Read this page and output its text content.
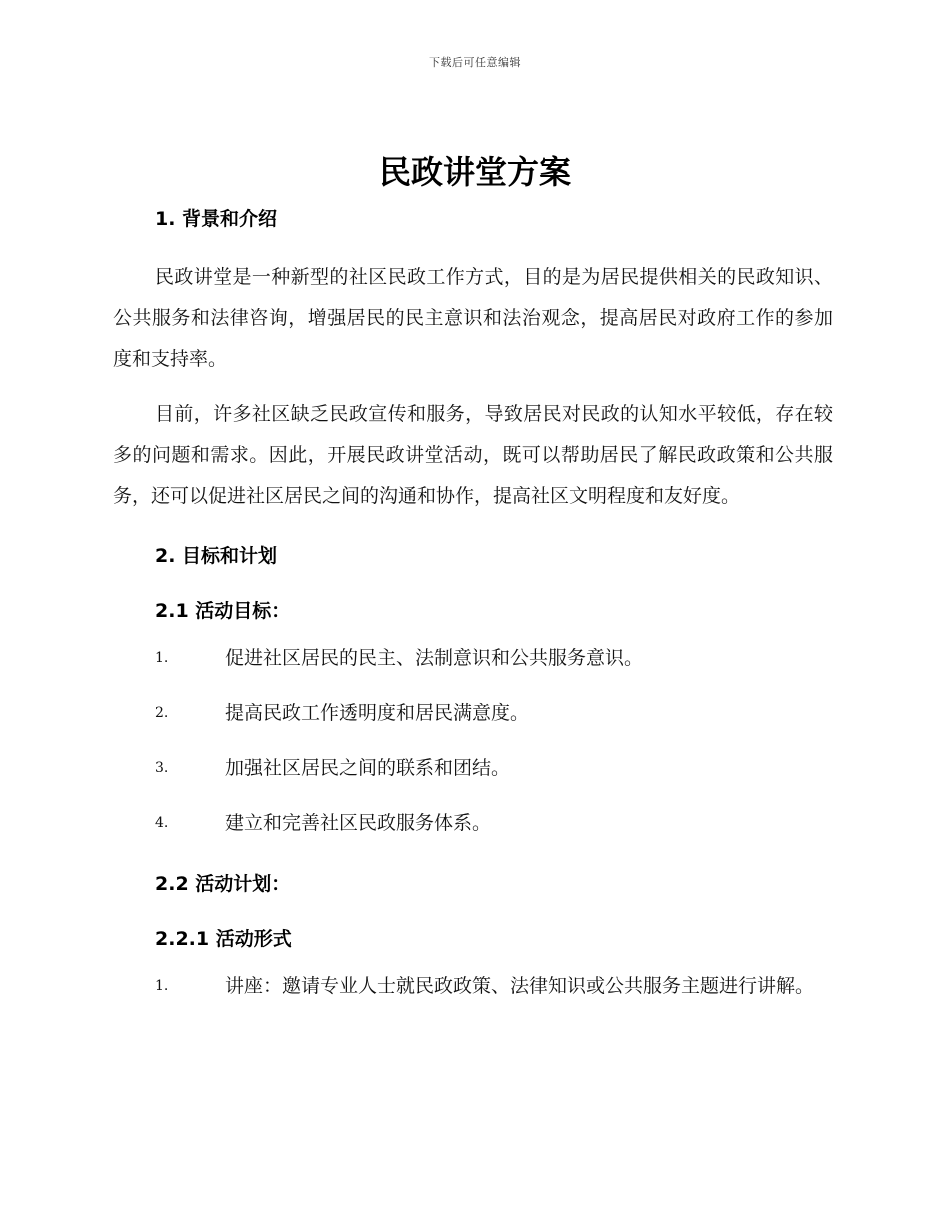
下载后可任意编辑
民政讲堂方案
1. 背景和介绍
民政讲堂是一种新型的社区民政工作方式，目的是为居民提供相关的民政知识、公共服务和法律咨询，增强居民的民主意识和法治观念，提高居民对政府工作的参加度和支持率。
目前，许多社区缺乏民政宣传和服务，导致居民对民政的认知水平较低，存在较多的问题和需求。因此，开展民政讲堂活动，既可以帮助居民了解民政政策和公共服务，还可以促进社区居民之间的沟通和协作，提高社区文明程度和友好度。
2. 目标和计划
2.1 活动目标：
1.	促进社区居民的民主、法制意识和公共服务意识。
2.	提高民政工作透明度和居民满意度。
3.	加强社区居民之间的联系和团结。
4.	建立和完善社区民政服务体系。
2.2 活动计划：
2.2.1 活动形式
1.	讲座：邀请专业人士就民政政策、法律知识或公共服务主题进行讲解。
